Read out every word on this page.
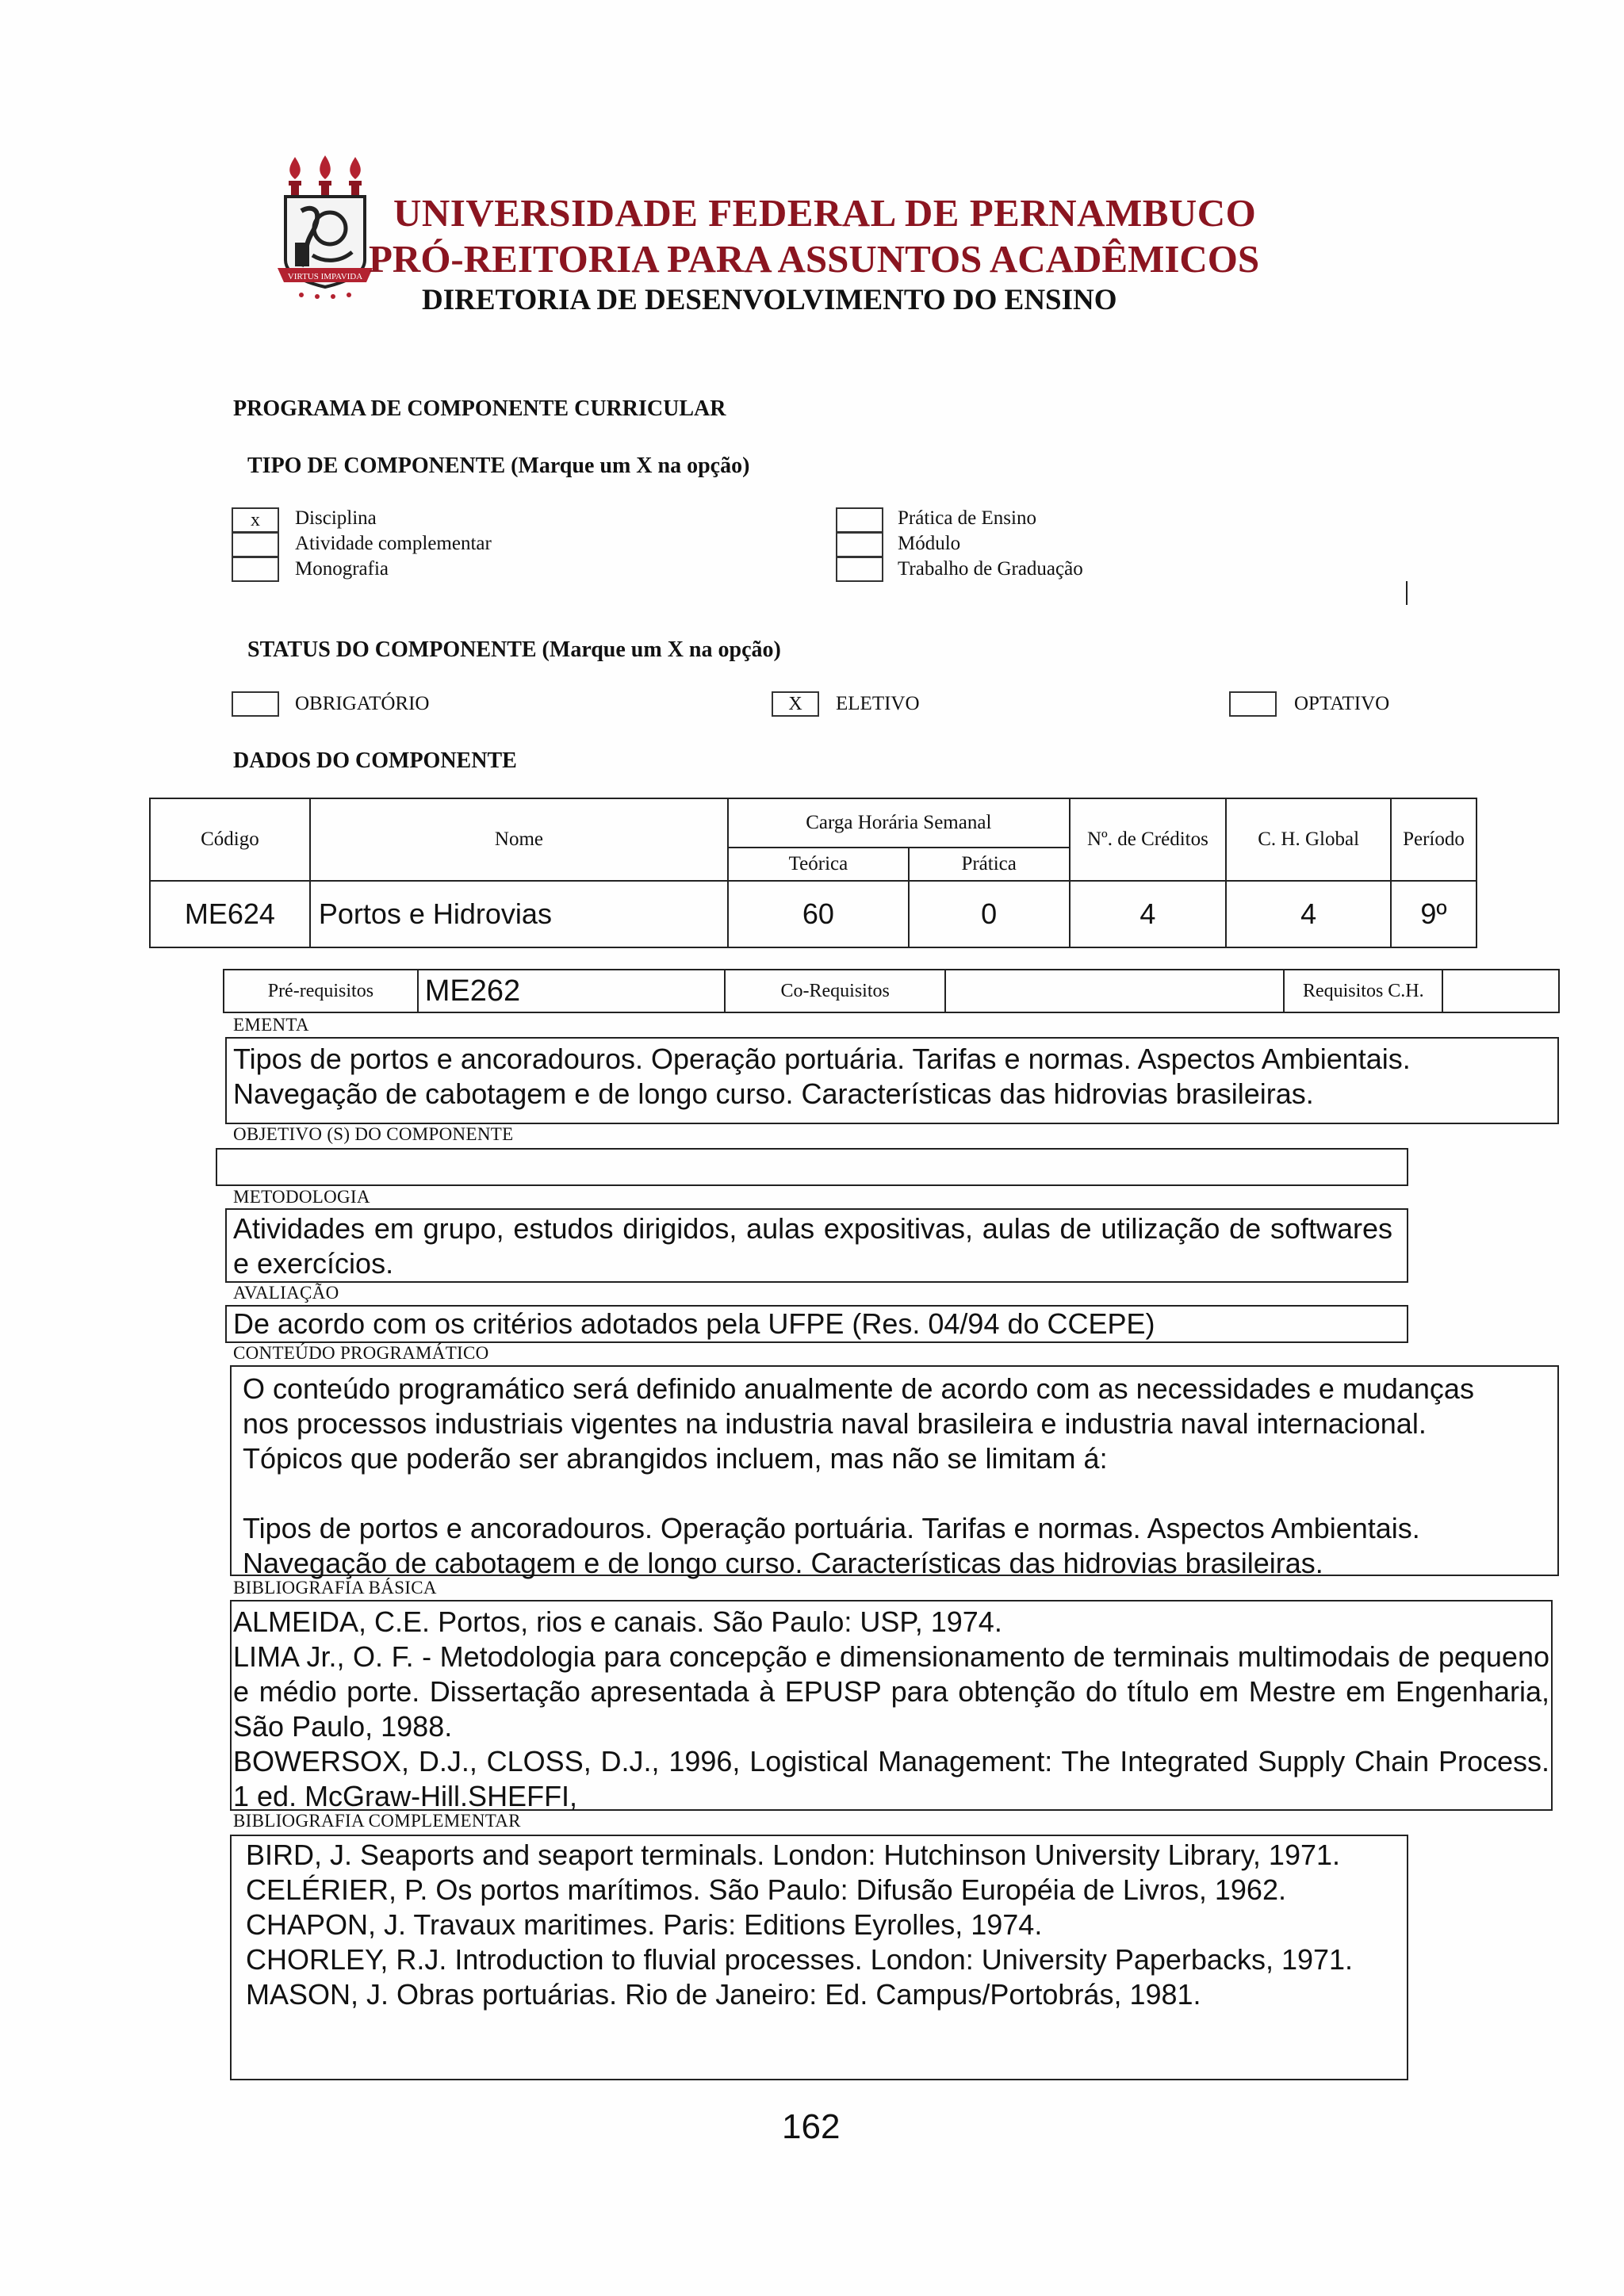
VIRTUS IMPAVIDA
UNIVERSIDADE FEDERAL DE PERNAMBUCO
PRÓ-REITORIA PARA ASSUNTOS ACADÊMICOS
DIRETORIA DE DESENVOLVIMENTO DO ENSINO
PROGRAMA DE COMPONENTE CURRICULAR
TIPO DE COMPONENTE (Marque um X na opção)
x	Disciplina
Atividade complementar
Monografia
Prática de Ensino
Módulo
Trabalho de Graduação
STATUS DO COMPONENTE (Marque um X na opção)
OBRIGATÓRIO	X	ELETIVO	OPTATIVO
DADOS DO COMPONENTE
Código	Nome	Carga Horária Semanal		Nº. de Créditos	C. H. Global	Período
		Teórica	Prática			
ME624	Portos e Hidrovias	60	0	4	4	9º
Pré-requisitos	ME262	Co-Requisitos		Requisitos C.H.	
EMENTA
Tipos de portos e ancoradouros. Operação portuária. Tarifas e normas. Aspectos Ambientais.
Navegação de cabotagem e de longo curso. Características das hidrovias brasileiras.
OBJETIVO (S) DO COMPONENTE
METODOLOGIA
Atividades em grupo, estudos dirigidos, aulas expositivas, aulas de utilização de softwares e exercícios.
AVALIAÇÃO
De acordo com os critérios adotados pela UFPE (Res. 04/94 do CCEPE)
CONTEÚDO PROGRAMÁTICO
O conteúdo programático será definido anualmente de acordo com as necessidades e mudanças
nos processos industriais vigentes na industria naval brasileira e industria naval internacional.
Tópicos que poderão ser abrangidos incluem, mas não se limitam á:
Tipos de portos e ancoradouros. Operação portuária. Tarifas e normas. Aspectos Ambientais.
Navegação de cabotagem e de longo curso. Características das hidrovias brasileiras.
BIBLIOGRAFIA BÁSICA
ALMEIDA, C.E. Portos, rios e canais. São Paulo: USP, 1974.
LIMA Jr., O. F. - Metodologia para concepção e dimensionamento de terminais multimodais de pequeno e médio porte. Dissertação apresentada à EPUSP para obtenção do título em Mestre em Engenharia, São Paulo, 1988.
BOWERSOX, D.J., CLOSS, D.J., 1996, Logistical Management: The Integrated Supply Chain Process. 1 ed. McGraw-Hill.SHEFFI,
BIBLIOGRAFIA COMPLEMENTAR
BIRD, J. Seaports and seaport terminals. London: Hutchinson University Library, 1971.
CELÉRIER, P. Os portos marítimos. São Paulo: Difusão Européia de Livros, 1962.
CHAPON, J. Travaux maritimes. Paris: Editions Eyrolles, 1974.
CHORLEY, R.J. Introduction to fluvial processes. London: University Paperbacks, 1971.
MASON, J. Obras portuárias. Rio de Janeiro: Ed. Campus/Portobrás, 1981.
162
